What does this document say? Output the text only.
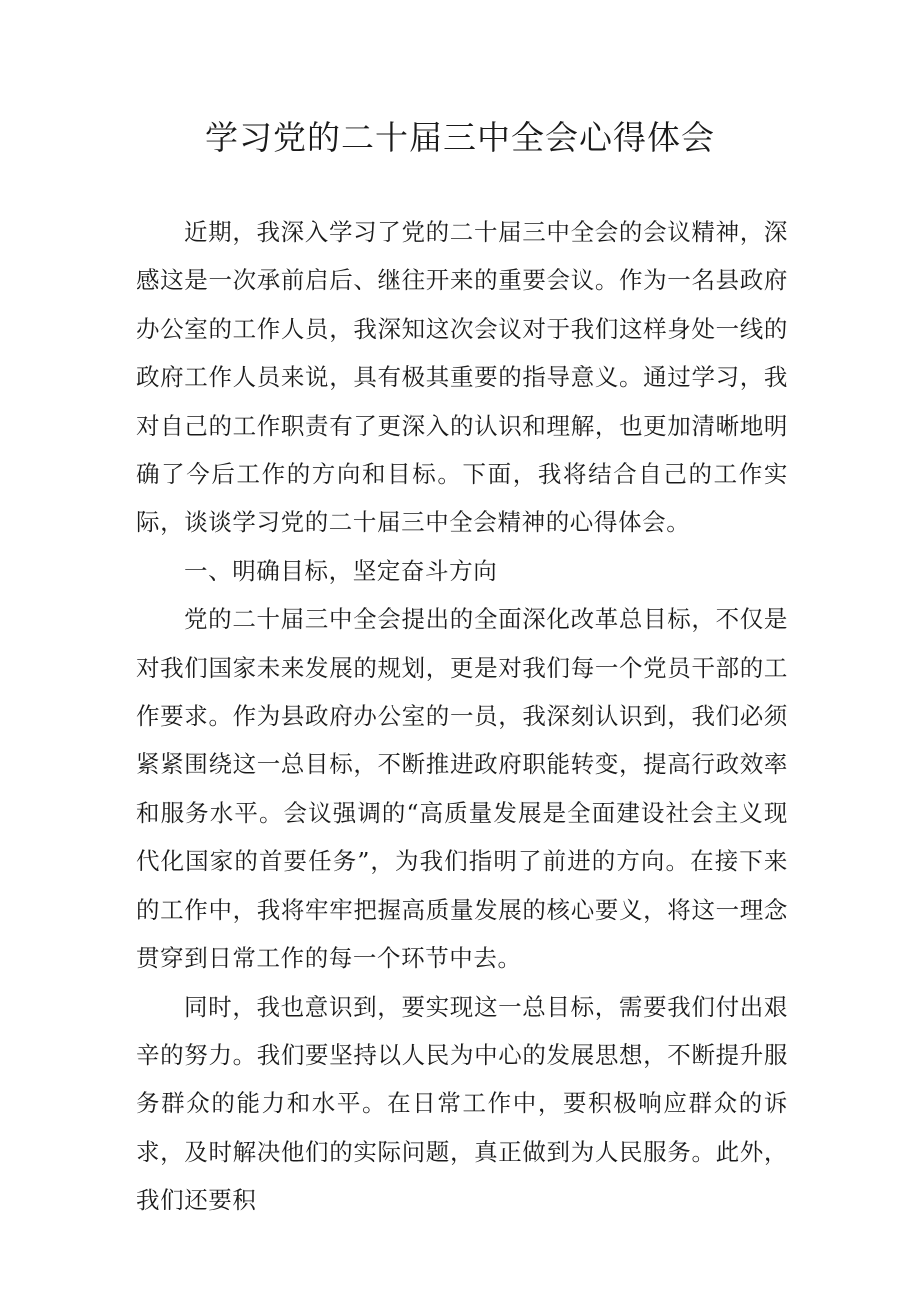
学习党的二十届三中全会心得体会

近期，我深入学习了党的二十届三中全会的会议精神，深感这是一次承前启后、继往开来的重要会议。作为一名县政府办公室的工作人员，我深知这次会议对于我们这样身处一线的政府工作人员来说，具有极其重要的指导意义。通过学习，我对自己的工作职责有了更深入的认识和理解，也更加清晰地明确了今后工作的方向和目标。下面，我将结合自己的工作实际，谈谈学习党的二十届三中全会精神的心得体会。

一、明确目标，坚定奋斗方向

党的二十届三中全会提出的全面深化改革总目标，不仅是对我们国家未来发展的规划，更是对我们每一个党员干部的工作要求。作为县政府办公室的一员，我深刻认识到，我们必须紧紧围绕这一总目标，不断推进政府职能转变，提高行政效率和服务水平。会议强调的“高质量发展是全面建设社会主义现代化国家的首要任务”，为我们指明了前进的方向。在接下来的工作中，我将牢牢把握高质量发展的核心要义，将这一理念贯穿到日常工作的每一个环节中去。

同时，我也意识到，要实现这一总目标，需要我们付出艰辛的努力。我们要坚持以人民为中心的发展思想，不断提升服务群众的能力和水平。在日常工作中，要积极响应群众的诉求，及时解决他们的实际问题，真正做到为人民服务。此外，我们还要积
